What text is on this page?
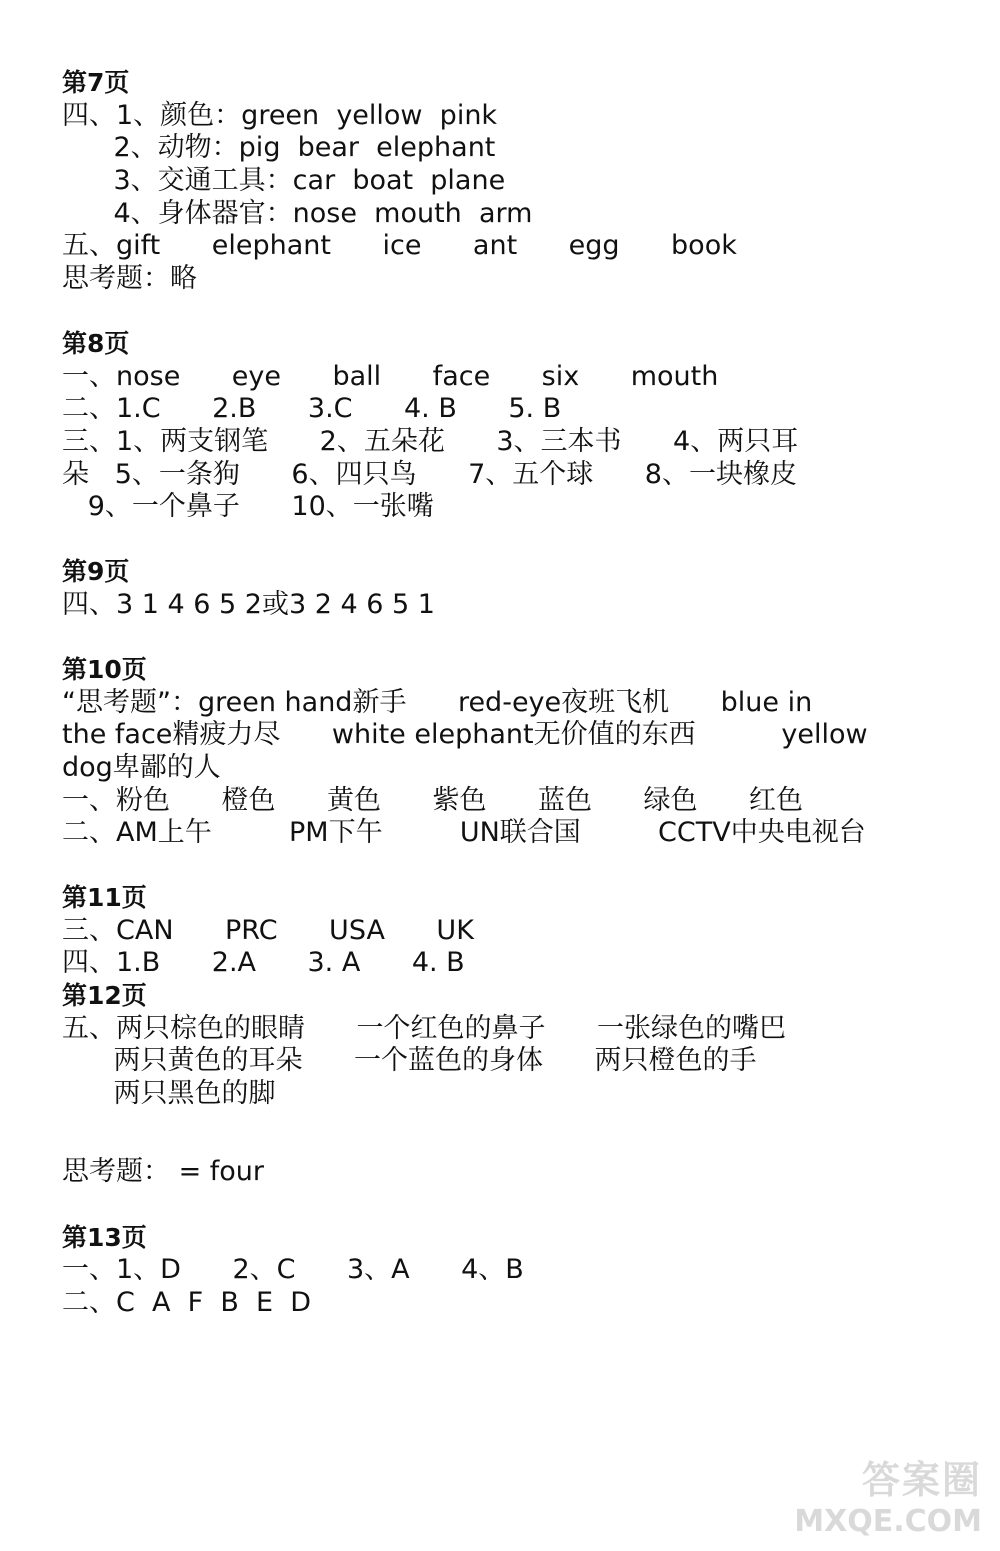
第7页
四、1、颜色：green  yellow  pink
2、动物：pig  bear  elephant
3、交通工具：car  boat  plane
4、身体器官：nose  mouth  arm
五、gift      elephant      ice      ant      egg      book
思考题：略
第8页
一、nose      eye      ball      face      six      mouth
二、1.C      2.B      3.C      4. B      5. B
三、1、两支钢笔      2、五朵花      3、三本书      4、两只耳
朵   5、一条狗      6、四只鸟      7、五个球      8、一块橡皮
9、一个鼻子      10、一张嘴
第9页
四、3 1 4 6 5 2或3 2 4 6 5 1
第10页
“思考题”：green hand新手      red-eye夜班飞机      blue in
the face精疲力尽      white elephant无价值的东西          yellow
dog卑鄙的人
一、粉色      橙色      黄色      紫色      蓝色      绿色      红色
二、AM上午         PM下午         UN联合国         CCTV中央电视台
第11页
三、CAN      PRC      USA      UK
四、1.B      2.A      3. A      4. B
第12页
五、两只棕色的眼睛      一个红色的鼻子      一张绿色的嘴巴
两只黄色的耳朵      一个蓝色的身体      两只橙色的手
两只黑色的脚
思考题： = four
第13页
一、1、D      2、C      3、A      4、B
二、C  A  F  B  E  D
答案圈
MXQE.COM
